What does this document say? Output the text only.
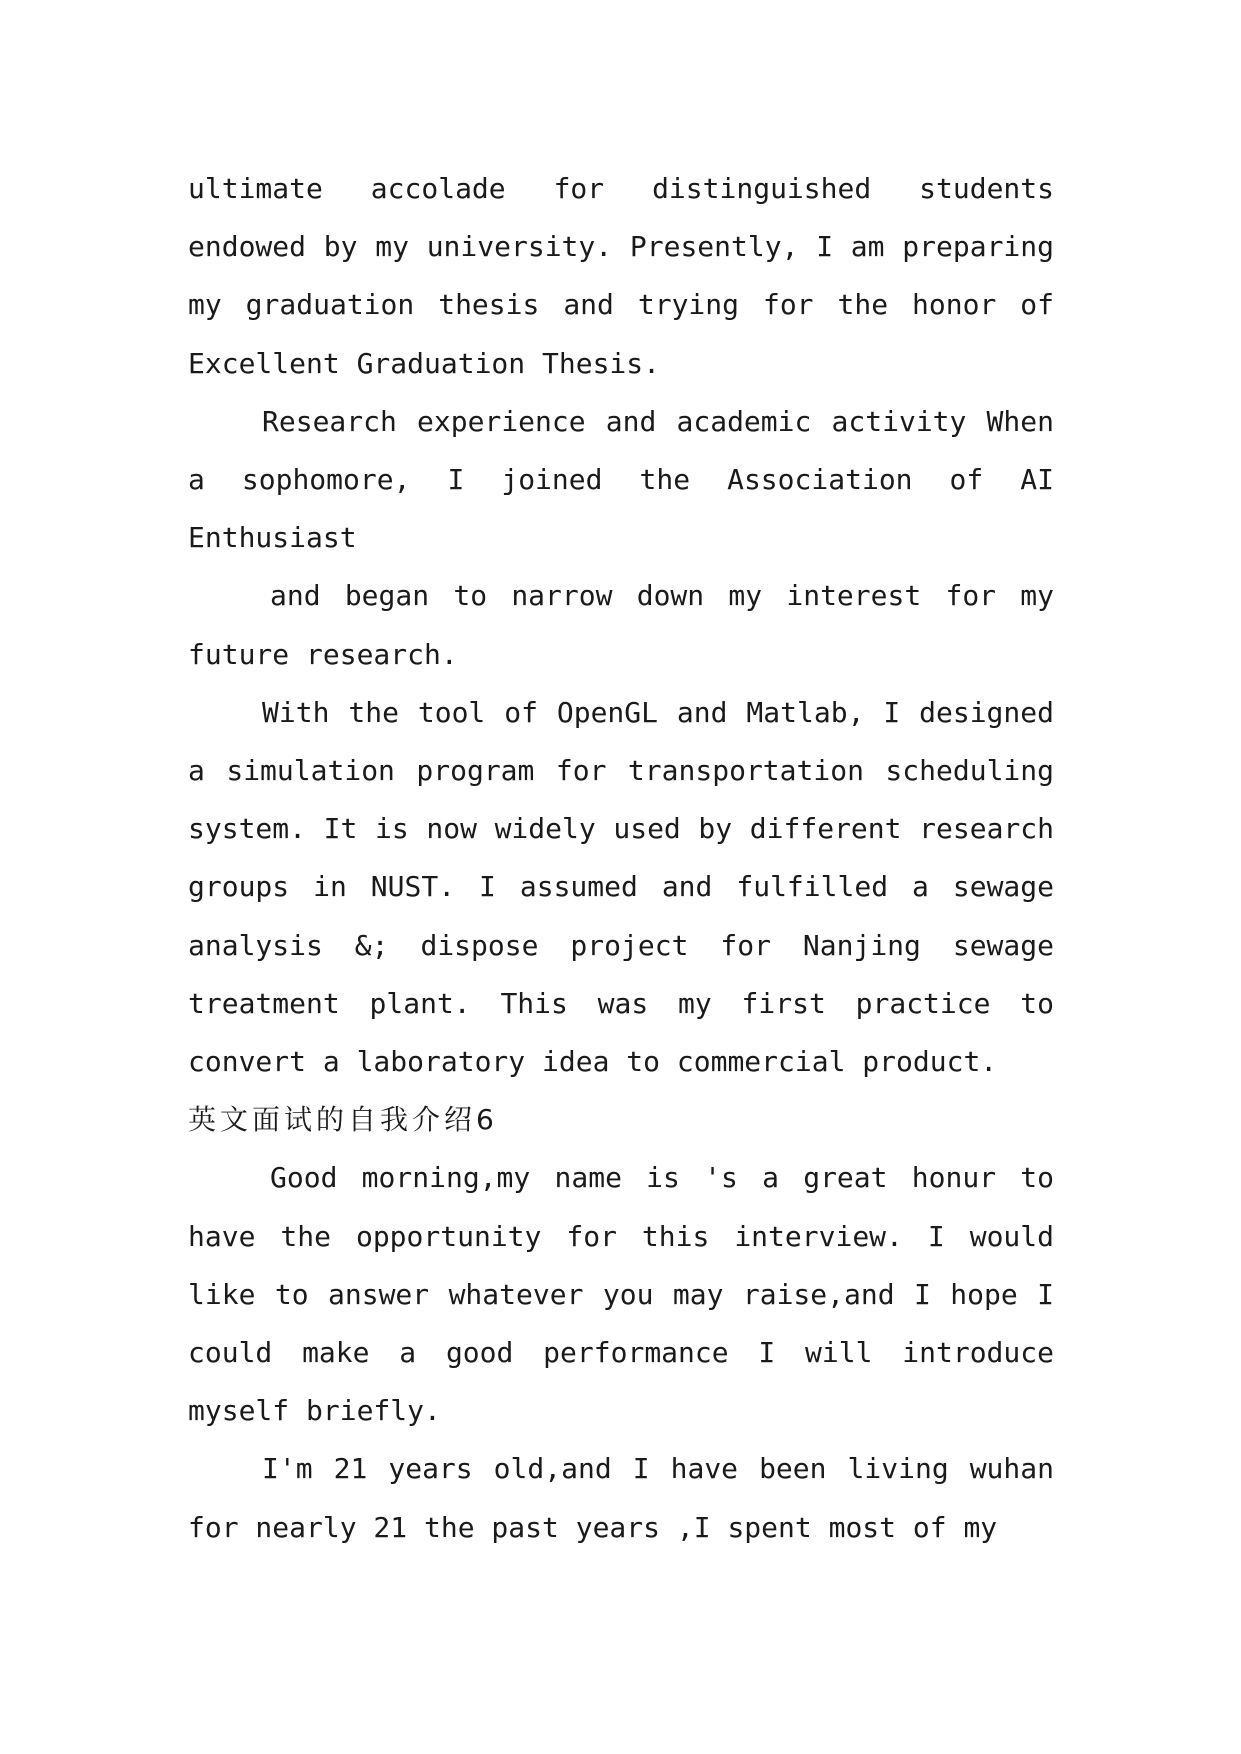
ultimate accolade for distinguished students endowed by my university. Presently, I am preparing my graduation thesis and trying for the honor of Excellent Graduation Thesis.

Research experience and academic activity When a sophomore, I joined the Association of AI Enthusiast

and began to narrow down my interest for my future research.

With the tool of OpenGL and Matlab, I designed a simulation program for transportation scheduling system. It is now widely used by different research groups in NUST. I assumed and fulfilled a sewage analysis &; dispose project for Nanjing sewage treatment plant. This was my first practice to convert a laboratory idea to commercial product.

英文面试的自我介绍6

Good morning,my name is 's a great honur to have the opportunity for this interview. I would like to answer whatever you may raise,and I hope I could make a good performance I will introduce myself briefly.

I'm 21 years old,and I have been living wuhan for nearly 21 the past years ,I spent most of my
